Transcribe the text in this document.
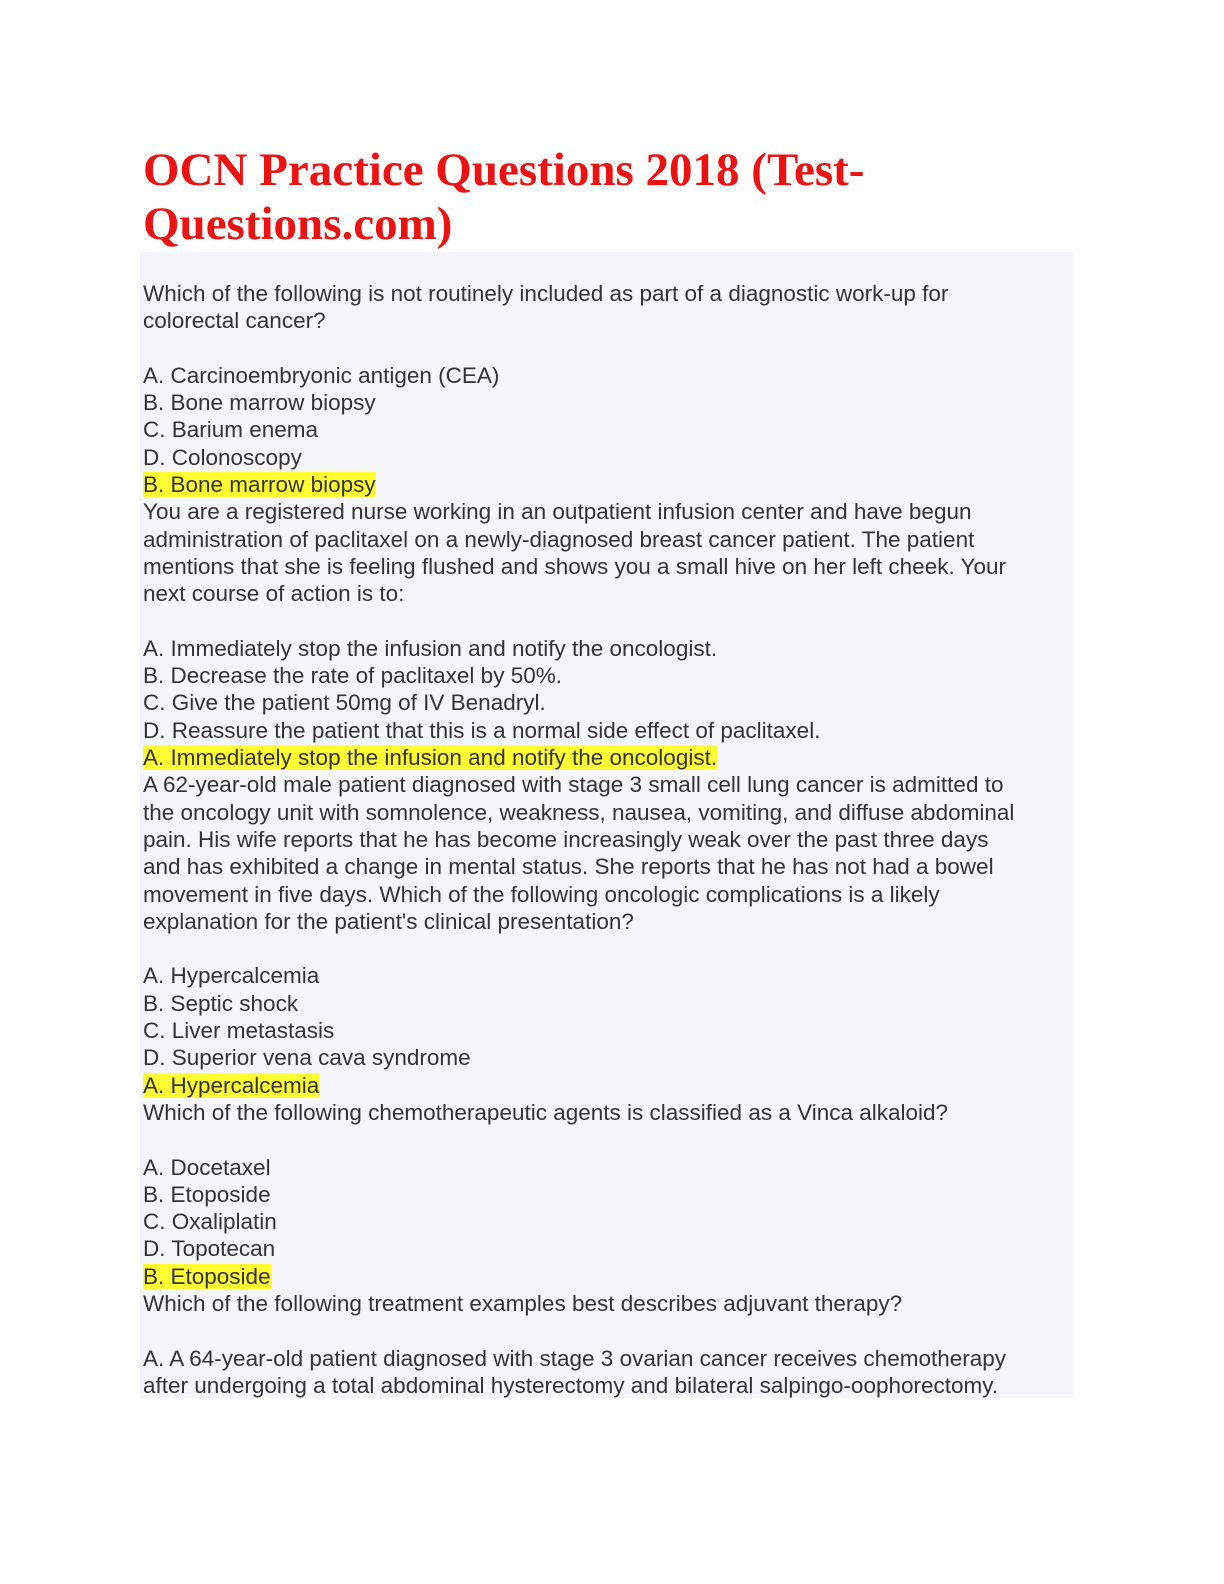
OCN Practice Questions 2018 (Test-Questions.com)
Which of the following is not routinely included as part of a diagnostic work-up for
colorectal cancer?
A. Carcinoembryonic antigen (CEA)
B. Bone marrow biopsy
C. Barium enema
D. Colonoscopy
B. Bone marrow biopsy
You are a registered nurse working in an outpatient infusion center and have begun
administration of paclitaxel on a newly-diagnosed breast cancer patient. The patient
mentions that she is feeling flushed and shows you a small hive on her left cheek. Your
next course of action is to:
A. Immediately stop the infusion and notify the oncologist.
B. Decrease the rate of paclitaxel by 50%.
C. Give the patient 50mg of IV Benadryl.
D. Reassure the patient that this is a normal side effect of paclitaxel.
A. Immediately stop the infusion and notify the oncologist.
A 62-year-old male patient diagnosed with stage 3 small cell lung cancer is admitted to
the oncology unit with somnolence, weakness, nausea, vomiting, and diffuse abdominal
pain. His wife reports that he has become increasingly weak over the past three days
and has exhibited a change in mental status. She reports that he has not had a bowel
movement in five days. Which of the following oncologic complications is a likely
explanation for the patient's clinical presentation?
A. Hypercalcemia
B. Septic shock
C. Liver metastasis
D. Superior vena cava syndrome
A. Hypercalcemia
Which of the following chemotherapeutic agents is classified as a Vinca alkaloid?
A. Docetaxel
B. Etoposide
C. Oxaliplatin
D. Topotecan
B. Etoposide
Which of the following treatment examples best describes adjuvant therapy?
A. A 64-year-old patient diagnosed with stage 3 ovarian cancer receives chemotherapy
after undergoing a total abdominal hysterectomy and bilateral salpingo-oophorectomy.
